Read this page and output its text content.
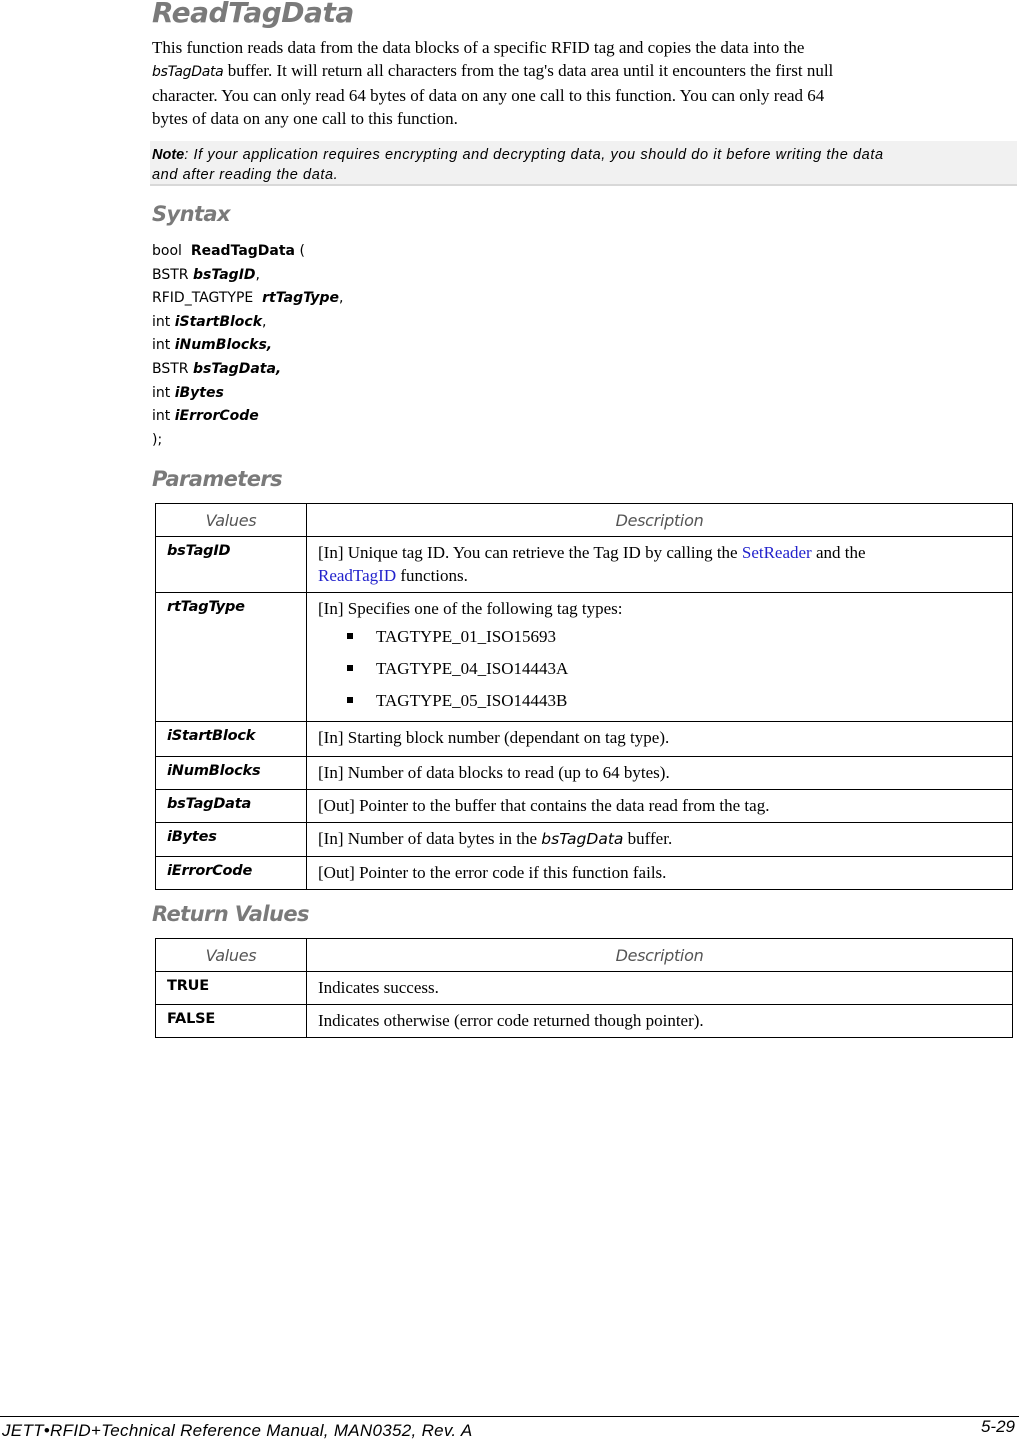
ReadTagData
This function reads data from the data blocks of a specific RFID tag and copies the data into the
bsTagData buffer. It will return all characters from the tag's data area until it encounters the first null
character. You can only read 64 bytes of data on any one call to this function. You can only read 64
bytes of data on any one call to this function.
Note: If your application requires encrypting and decrypting data, you should do it before writing the data
and after reading the data.
Syntax
bool ReadTagData (
BSTR bsTagID,
RFID_TAGTYPE  rtTagType,
int iStartBlock,
int iNumBlocks,
BSTR bsTagData,
int iBytes
int iErrorCode
);
Parameters
Values	Description
bsTagID	[In] Unique tag ID. You can retrieve the Tag ID by calling the SetReader and the
ReadTagID functions.
rtTagType	[In] Specifies one of the following tag types:
TAGTYPE_01_ISO15693
TAGTYPE_04_ISO14443A
TAGTYPE_05_ISO14443B

iStartBlock	[In] Starting block number (dependant on tag type).
iNumBlocks	[In] Number of data blocks to read (up to 64 bytes).
bsTagData	[Out] Pointer to the buffer that contains the data read from the tag.
iBytes	[In] Number of data bytes in the bsTagData buffer.
iErrorCode	[Out] Pointer to the error code if this function fails.
Return Values
Values	Description
TRUE	Indicates success.
FALSE	Indicates otherwise (error code returned though pointer).
JETT•RFID+Technical Reference Manual, MAN0352, Rev. A	5-29
